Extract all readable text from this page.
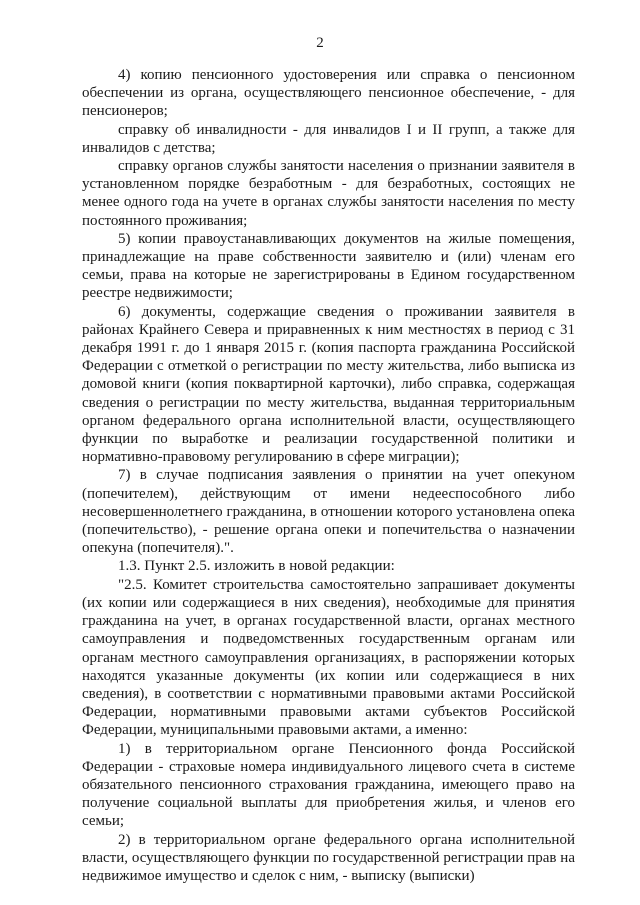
2

4) копию пенсионного удостоверения или справка о пенсионном обеспечении из органа, осуществляющего пенсионное обеспечение, - для пенсионеров;

справку об инвалидности - для инвалидов I и II групп, а также для инвалидов с детства;

справку органов службы занятости населения о признании заявителя в установленном порядке безработным - для безработных, состоящих не менее одного года на учете в органах службы занятости населения по месту постоянного проживания;

5) копии правоустанавливающих документов на жилые помещения, принадлежащие на праве собственности заявителю и (или) членам его семьи, права на которые не зарегистрированы в Едином государственном реестре недвижимости;

6) документы, содержащие сведения о проживании заявителя в районах Крайнего Севера и приравненных к ним местностях в период с 31 декабря 1991 г. до 1 января 2015 г. (копия паспорта гражданина Российской Федерации с отметкой о регистрации по месту жительства, либо выписка из домовой книги (копия поквартирной карточки), либо справка, содержащая сведения о регистрации по месту жительства, выданная территориальным органом федерального органа исполнительной власти, осуществляющего функции по выработке и реализации государственной политики и нормативно-правовому регулированию в сфере миграции);

7) в случае подписания заявления о принятии на учет опекуном (попечителем), действующим от имени недееспособного либо несовершеннолетнего гражданина, в отношении которого установлена опека (попечительство), - решение органа опеки и попечительства о назначении опекуна (попечителя).".

1.3. Пункт 2.5. изложить в новой редакции:

"2.5. Комитет строительства самостоятельно запрашивает документы (их копии или содержащиеся в них сведения), необходимые для принятия гражданина на учет, в органах государственной власти, органах местного самоуправления и подведомственных государственным органам или органам местного самоуправления организациях, в распоряжении которых находятся указанные документы (их копии или содержащиеся в них сведения), в соответствии с нормативными правовыми актами Российской Федерации, нормативными правовыми актами субъектов Российской Федерации, муниципальными правовыми актами, а именно:

1) в территориальном органе Пенсионного фонда Российской Федерации - страховые номера индивидуального лицевого счета в системе обязательного пенсионного страхования гражданина, имеющего право на получение социальной выплаты для приобретения жилья, и членов его семьи;

2) в территориальном органе федерального органа исполнительной власти, осуществляющего функции по государственной регистрации прав на недвижимое имущество и сделок с ним, - выписку (выписки)
